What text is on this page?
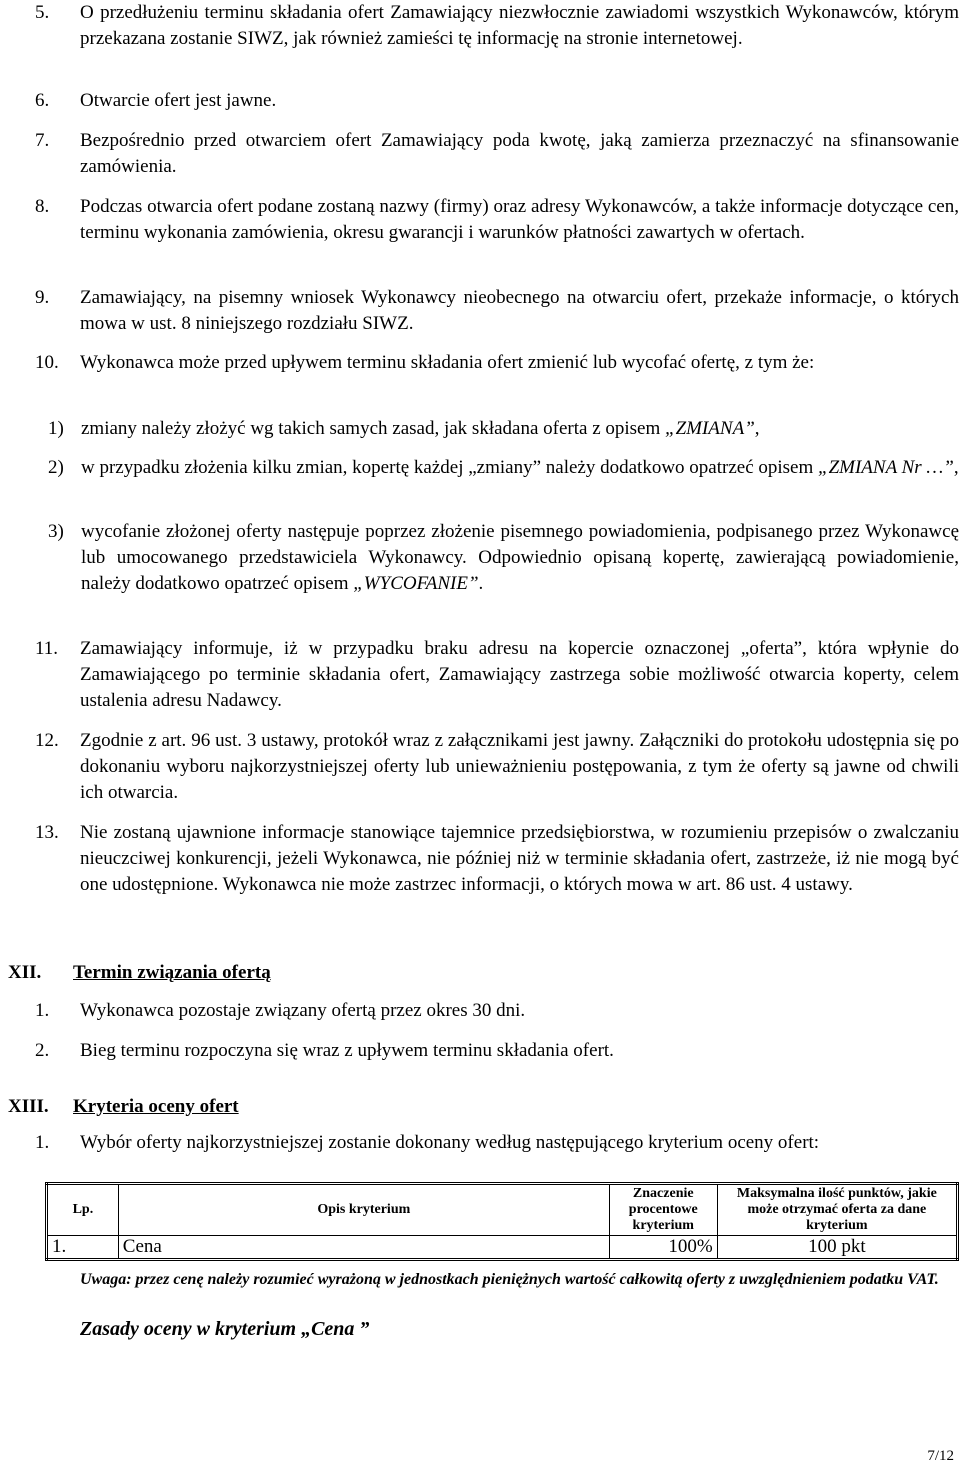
5. O przedłużeniu terminu składania ofert Zamawiający niezwłocznie zawiadomi wszystkich Wykonawców, którym przekazana zostanie SIWZ, jak również zamieści tę informację na stronie internetowej.
6. Otwarcie ofert jest jawne.
7. Bezpośrednio przed otwarciem ofert Zamawiający poda kwotę, jaką zamierza przeznaczyć na sfinansowanie zamówienia.
8. Podczas otwarcia ofert podane zostaną nazwy (firmy) oraz adresy Wykonawców, a także informacje dotyczące cen, terminu wykonania zamówienia, okresu gwarancji i warunków płatności zawartych w ofertach.
9. Zamawiający, na pisemny wniosek Wykonawcy nieobecnego na otwarciu ofert, przekaże informacje, o których mowa w ust. 8 niniejszego rozdziału SIWZ.
10. Wykonawca może przed upływem terminu składania ofert zmienić lub wycofać ofertę, z tym że:
1) zmiany należy złożyć wg takich samych zasad, jak składana oferta z opisem „ZMIANA”,
2) w przypadku złożenia kilku zmian, kopertę każdej „zmiany” należy dodatkowo opatrzeć opisem „ZMIANA Nr …”,
3) wycofanie złożonej oferty następuje poprzez złożenie pisemnego powiadomienia, podpisanego przez Wykonawcę lub umocowanego przedstawiciela Wykonawcy. Odpowiednio opisaną kopertę, zawierającą powiadomienie, należy dodatkowo opatrzeć opisem „WYCOFANIE”.
11. Zamawiający informuje, iż w przypadku braku adresu na kopercie oznaczonej „oferta”, która wpłynie do Zamawiającego po terminie składania ofert, Zamawiający zastrzega sobie możliwość otwarcia koperty, celem ustalenia adresu Nadawcy.
12. Zgodnie z art. 96 ust. 3 ustawy, protokół wraz z załącznikami jest jawny. Załączniki do protokołu udostępnia się po dokonaniu wyboru najkorzystniejszej oferty lub unieważnieniu postępowania, z tym że oferty są jawne od chwili ich otwarcia.
13. Nie zostaną ujawnione informacje stanowiące tajemnice przedsiębiorstwa, w rozumieniu przepisów o zwalczaniu nieuczciwej konkurencji, jeżeli Wykonawca, nie później niż w terminie składania ofert, zastrzeże, iż nie mogą być one udostępnione. Wykonawca nie może zastrzec informacji, o których mowa w art. 86 ust. 4 ustawy.
XII. Termin związania ofertą
1. Wykonawca pozostaje związany ofertą przez okres 30 dni.
2. Bieg terminu rozpoczyna się wraz z upływem terminu składania ofert.
XIII. Kryteria oceny ofert
1. Wybór oferty najkorzystniejszej zostanie dokonany według następującego kryterium oceny ofert:
Lp.	Opis kryterium	Znaczenie procentowe kryterium	Maksymalna ilość punktów, jakie może otrzymać oferta za dane kryterium
1.	Cena	100%	100 pkt
Uwaga: przez cenę należy rozumieć wyrażoną w jednostkach pieniężnych wartość całkowitą oferty z uwzględnieniem podatku VAT.
Zasady oceny w kryterium „Cena ”
7/12
